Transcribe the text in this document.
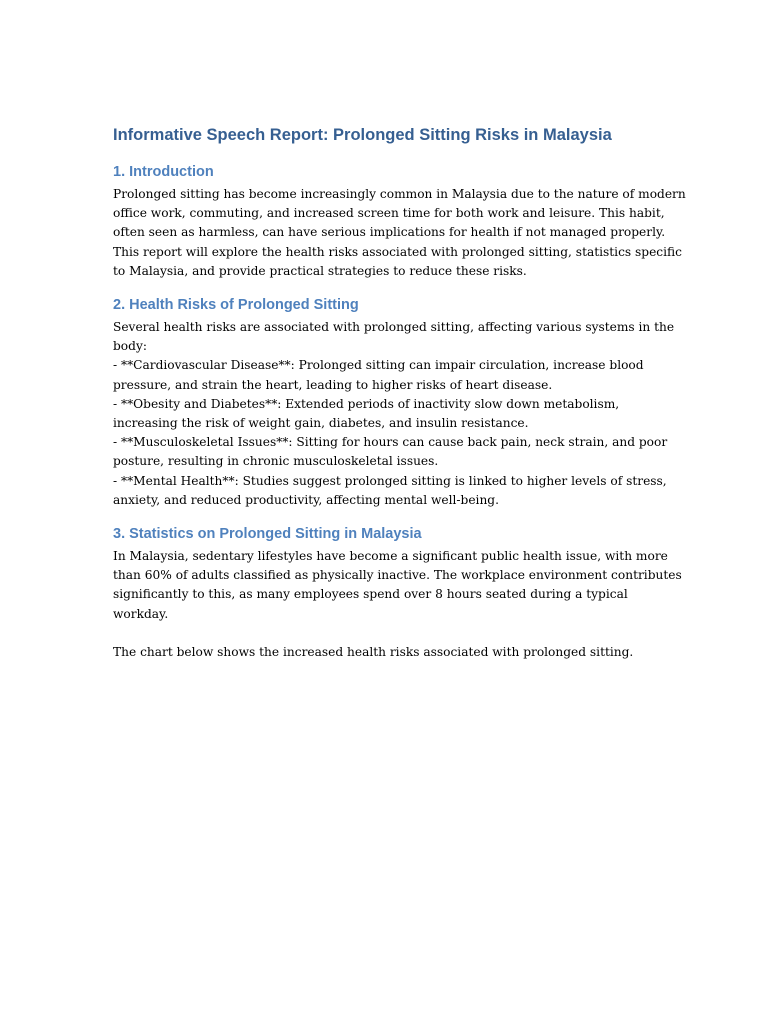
Informative Speech Report: Prolonged Sitting Risks in Malaysia
1. Introduction

Prolonged sitting has become increasingly common in Malaysia due to the nature of modern
office work, commuting, and increased screen time for both work and leisure. This habit,
often seen as harmless, can have serious implications for health if not managed properly.
This report will explore the health risks associated with prolonged sitting, statistics specific
to Malaysia, and provide practical strategies to reduce these risks.

2. Health Risks of Prolonged Sitting

Several health risks are associated with prolonged sitting, affecting various systems in the
body:
- **Cardiovascular Disease**: Prolonged sitting can impair circulation, increase blood
pressure, and strain the heart, leading to higher risks of heart disease.
- **Obesity and Diabetes**: Extended periods of inactivity slow down metabolism,
increasing the risk of weight gain, diabetes, and insulin resistance.
- **Musculoskeletal Issues**: Sitting for hours can cause back pain, neck strain, and poor
posture, resulting in chronic musculoskeletal issues.
- **Mental Health**: Studies suggest prolonged sitting is linked to higher levels of stress,
anxiety, and reduced productivity, affecting mental well-being.

3. Statistics on Prolonged Sitting in Malaysia

In Malaysia, sedentary lifestyles have become a significant public health issue, with more
than 60% of adults classified as physically inactive. The workplace environment contributes
significantly to this, as many employees spend over 8 hours seated during a typical
workday.
The chart below shows the increased health risks associated with prolonged sitting.
